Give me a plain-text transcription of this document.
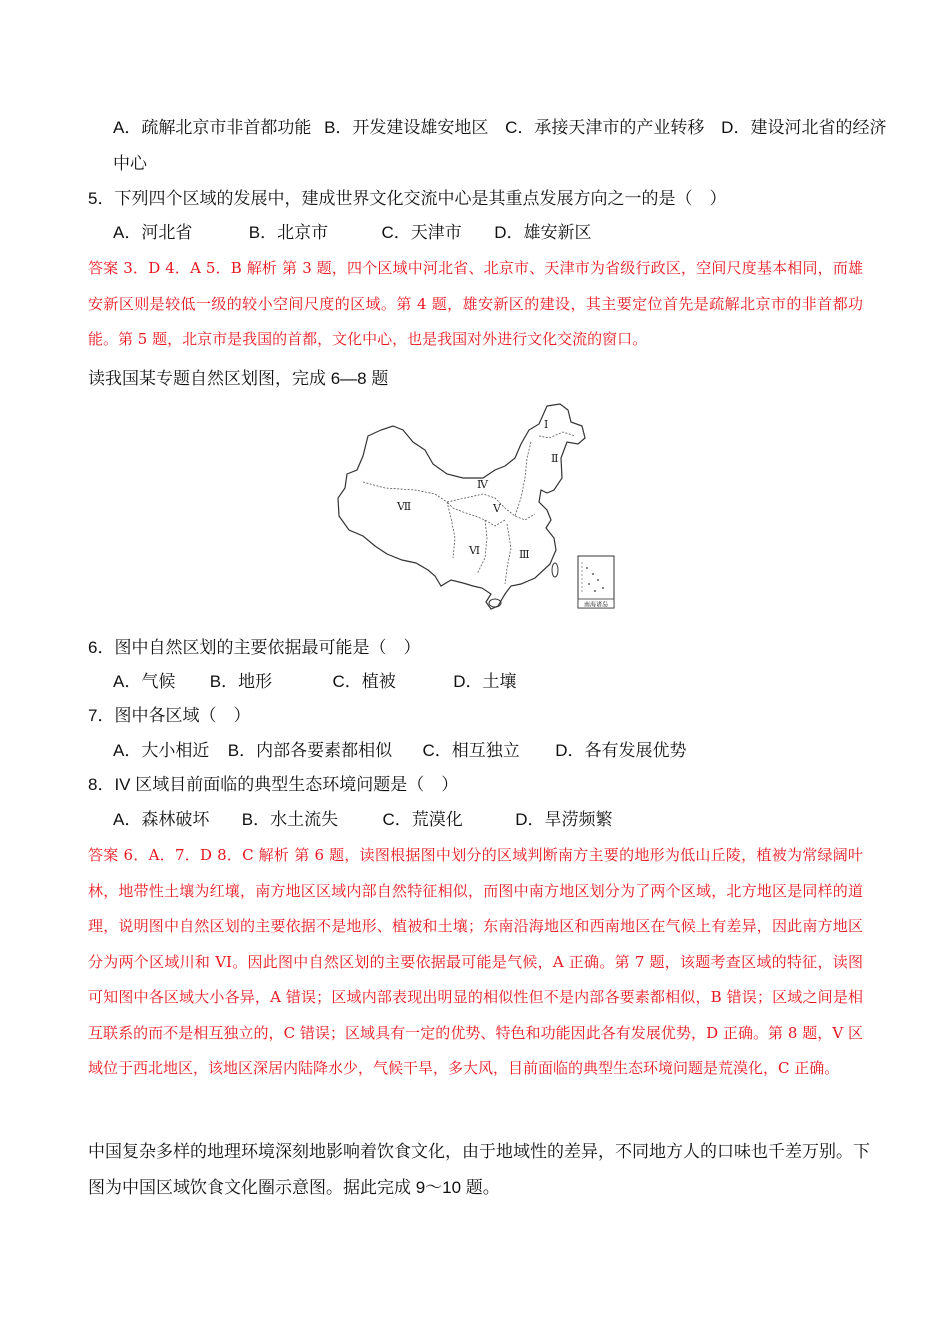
A．疏解北京市非首都功能 B．开发建设雄安地区 C．承接天津市的产业转移 D．建设河北省的经济
中心
5．下列四个区域的发展中，建成世界文化交流中心是其重点发展方向之一的是（　）
A．河北省	B．北京市	C．天津市 D．雄安新区
答案 3．D 4．A 5．B 解析 第 3 题，四个区域中河北省、北京市、天津市为省级行政区，空间尺度基本相同，而雄安新区则是较低一级的较小空间尺度的区域。第 4 题，雄安新区的建设，其主要定位首先是疏解北京市的非首都功能。第 5 题，北京市是我国的首都，文化中心，也是我国对外进行文化交流的窗口。
读我国某专题自然区划图，完成 6—8 题
Ⅰ
Ⅱ
Ⅲ
Ⅳ
Ⅴ
Ⅵ
Ⅶ
南海诸岛
6．图中自然区划的主要依据最可能是（　）
A．气候 B．地形	C．植被	D．土壤
7．图中各区域（　）
A．大小相近 B．内部各要素都相似 C．相互独立 D．各有发展优势
8．IV 区域目前面临的典型生态环境问题是（　）
A．森林破坏 B．水土流失	C．荒漠化	D．旱涝频繁
答案 6．A．7．D 8．C 解析 第 6 题，读图根据图中划分的区域判断南方主要的地形为低山丘陵，植被为常绿阔叶林，地带性土壤为红壤，南方地区区域内部自然特征相似，而图中南方地区划分为了两个区域，北方地区是同样的道理，说明图中自然区划的主要依据不是地形、植被和土壤；东南沿海地区和西南地区在气候上有差异，因此南方地区分为两个区域川和 VI。因此图中自然区划的主要依据最可能是气候，A 正确。第 7 题，该题考查区域的特征，读图可知图中各区域大小各异，A 错误；区域内部表现出明显的相似性但不是内部各要素都相似，B 错误；区域之间是相互联系的而不是相互独立的，C 错误；区域具有一定的优势、特色和功能因此各有发展优势，D 正确。第 8 题，V 区域位于西北地区，该地区深居内陆降水少，气候干旱，多大风，目前面临的典型生态环境问题是荒漠化，C 正确。
中国复杂多样的地理环境深刻地影响着饮食文化，由于地域性的差异，不同地方人的口味也千差万别。下
图为中国区域饮食文化圈示意图。据此完成 9～10 题。
